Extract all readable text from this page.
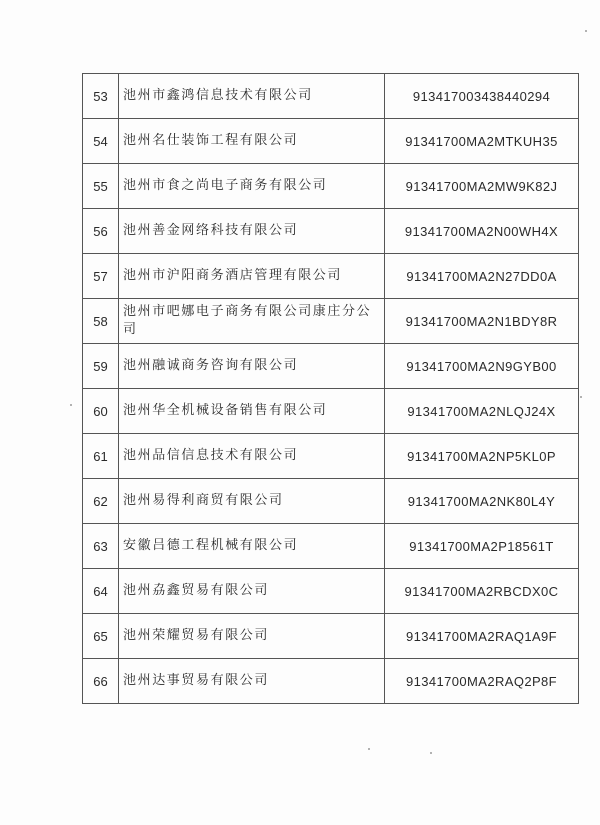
53	池州市鑫鸿信息技术有限公司	913417003438440294
54	池州名仕装饰工程有限公司	91341700MA2MTKUH35
55	池州市食之尚电子商务有限公司	91341700MA2MW9K82J
56	池州善金网络科技有限公司	91341700MA2N00WH4X
57	池州市沪阳商务酒店管理有限公司	91341700MA2N27DD0A
58	池州市吧娜电子商务有限公司康庄分公司	91341700MA2N1BDY8R
59	池州融诚商务咨询有限公司	91341700MA2N9GYB00
60	池州华全机械设备销售有限公司	91341700MA2NLQJ24X
61	池州品信信息技术有限公司	91341700MA2NP5KL0P
62	池州易得利商贸有限公司	91341700MA2NK80L4Y
63	安徽吕德工程机械有限公司	91341700MA2P18561T
64	池州劦鑫贸易有限公司	91341700MA2RBCDX0C
65	池州荣耀贸易有限公司	91341700MA2RAQ1A9F
66	池州达事贸易有限公司	91341700MA2RAQ2P8F
